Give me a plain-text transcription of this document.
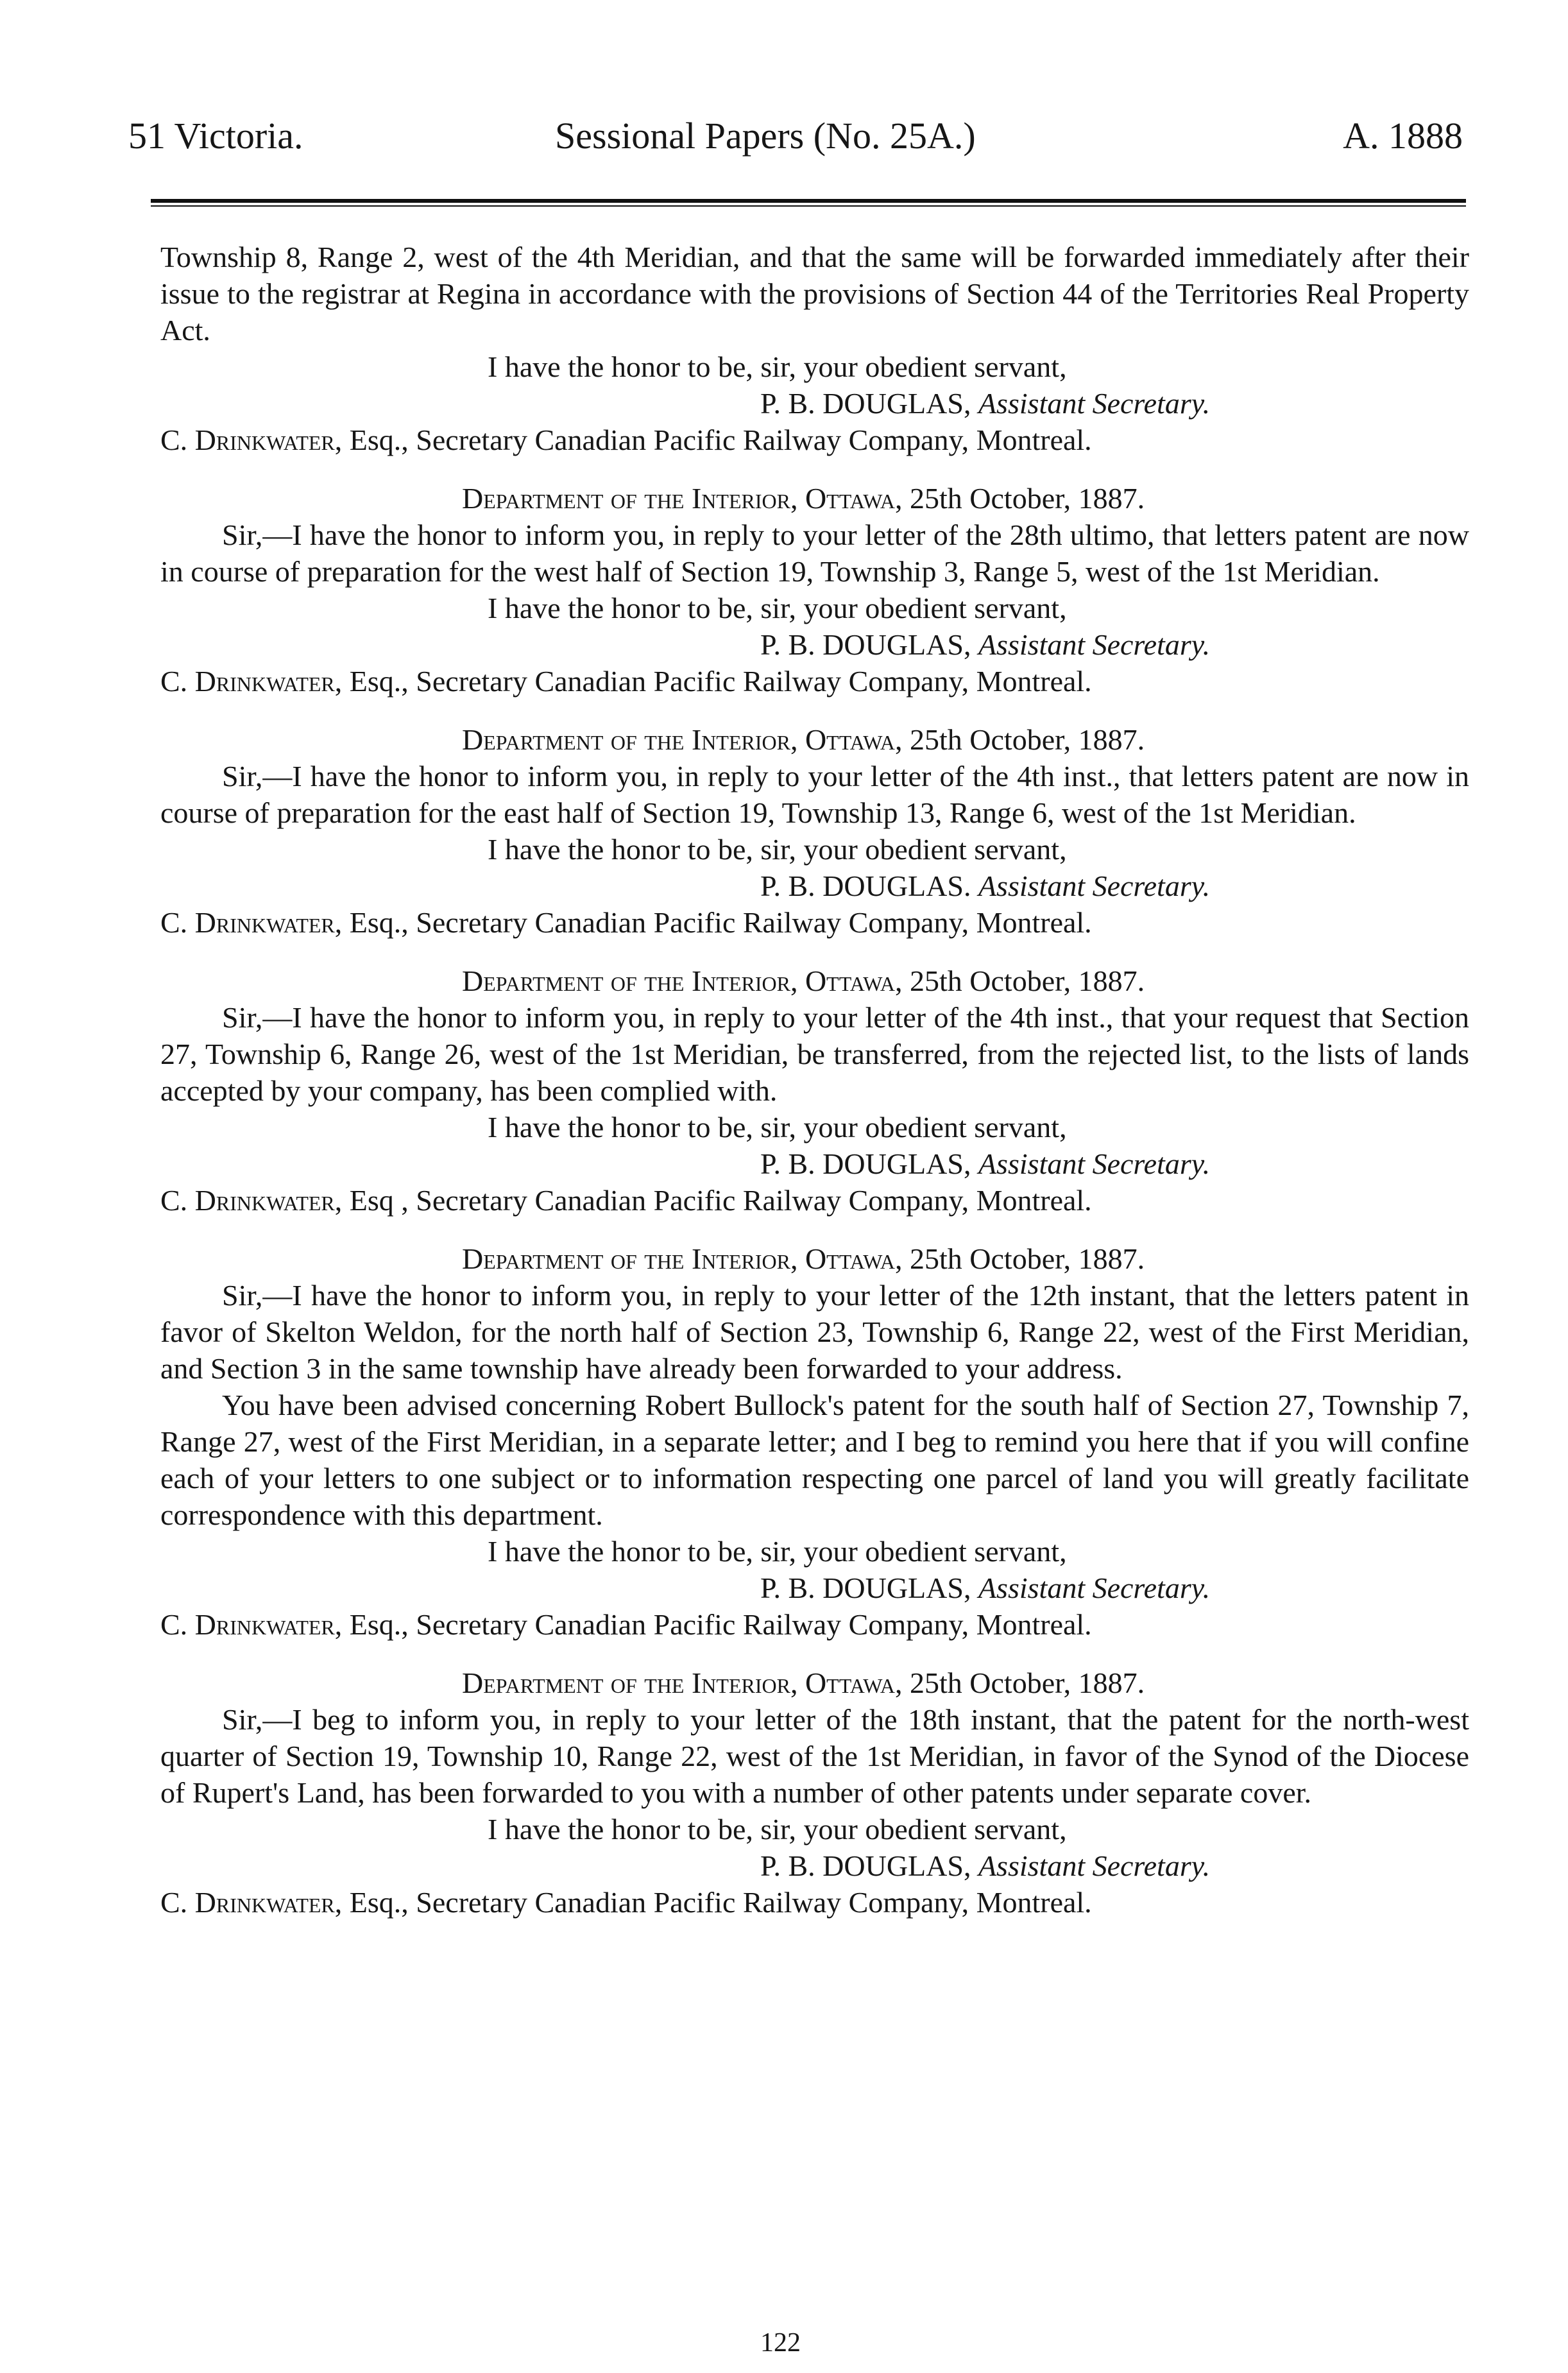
51 Victoria.	Sessional Papers (No. 25A.)	A. 1888

Township 8, Range 2, west of the 4th Meridian, and that the same will be forwarded immediately after their issue to the registrar at Regina in accordance with the provisions of Section 44 of the Territories Real Property Act.

I have the honor to be, sir, your obedient servant,

P. B. DOUGLAS, Assistant Secretary.

C. Drinkwater, Esq., Secretary Canadian Pacific Railway Company, Montreal.

Department of the Interior, Ottawa, 25th October, 1887.

Sir,—I have the honor to inform you, in reply to your letter of the 28th ultimo, that letters patent are now in course of preparation for the west half of Section 19, Township 3, Range 5, west of the 1st Meridian.

I have the honor to be, sir, your obedient servant,

P. B. DOUGLAS, Assistant Secretary.

C. Drinkwater, Esq., Secretary Canadian Pacific Railway Company, Montreal.

Department of the Interior, Ottawa, 25th October, 1887.

Sir,—I have the honor to inform you, in reply to your letter of the 4th inst., that letters patent are now in course of preparation for the east half of Section 19, Township 13, Range 6, west of the 1st Meridian.

I have the honor to be, sir, your obedient servant,

P. B. DOUGLAS. Assistant Secretary.

C. Drinkwater, Esq., Secretary Canadian Pacific Railway Company, Montreal.

Department of the Interior, Ottawa, 25th October, 1887.

Sir,—I have the honor to inform you, in reply to your letter of the 4th inst., that your request that Section 27, Township 6, Range 26, west of the 1st Meridian, be transferred, from the rejected list, to the lists of lands accepted by your company, has been complied with.

I have the honor to be, sir, your obedient servant,

P. B. DOUGLAS, Assistant Secretary.

C. Drinkwater, Esq , Secretary Canadian Pacific Railway Company, Montreal.

Department of the Interior, Ottawa, 25th October, 1887.

Sir,—I have the honor to inform you, in reply to your letter of the 12th instant, that the letters patent in favor of Skelton Weldon, for the north half of Section 23, Township 6, Range 22, west of the First Meridian, and Section 3 in the same township have already been forwarded to your address.

You have been advised concerning Robert Bullock's patent for the south half of Section 27, Township 7, Range 27, west of the First Meridian, in a separate letter; and I beg to remind you here that if you will confine each of your letters to one subject or to information respecting one parcel of land you will greatly facilitate correspondence with this department.

I have the honor to be, sir, your obedient servant,

P. B. DOUGLAS, Assistant Secretary.

C. Drinkwater, Esq., Secretary Canadian Pacific Railway Company, Montreal.

Department of the Interior, Ottawa, 25th October, 1887.

Sir,—I beg to inform you, in reply to your letter of the 18th instant, that the patent for the north-west quarter of Section 19, Township 10, Range 22, west of the 1st Meridian, in favor of the Synod of the Diocese of Rupert's Land, has been forwarded to you with a number of other patents under separate cover.

I have the honor to be, sir, your obedient servant,

P. B. DOUGLAS, Assistant Secretary.

C. Drinkwater, Esq., Secretary Canadian Pacific Railway Company, Montreal.

122
